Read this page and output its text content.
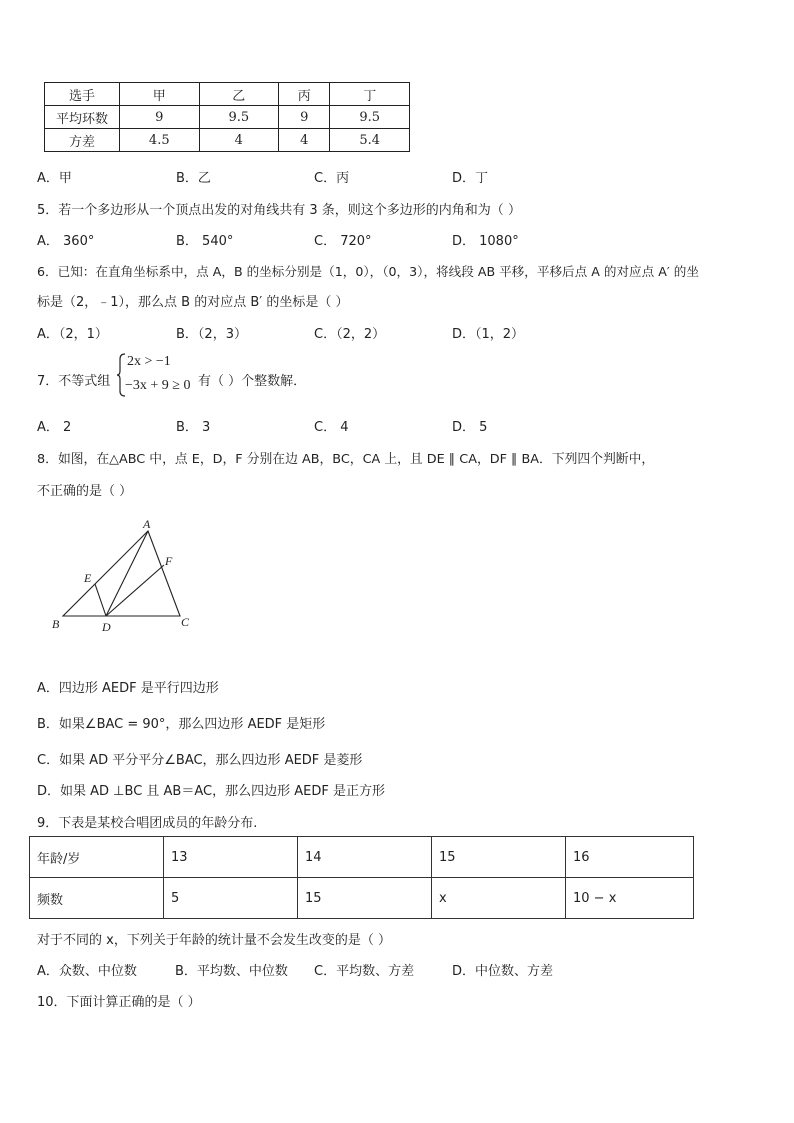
选手	甲	乙	丙	丁
平均环数	9	9.5	9	9.5
方差	4.5	4	4	5.4
A．甲	B．乙	C．丙	D．丁
5．若一个多边形从一个顶点出发的对角线共有 3 条，则这个多边形的内角和为（ ）
A． 360°	B． 540°	C． 720°	D． 1080°
6．已知：在直角坐标系中，点 A，B 的坐标分别是（1，0），（0，3），将线段 AB 平移，平移后点 A 的对应点 A′ 的坐
标是（2，﹣1），那么点 B 的对应点 B′ 的坐标是（ ）
A．（2，1）	B．（2，3）	C．（2，2）	D．（1，2）
7．不等式组
2x > −1
−3x + 9 ≥ 0 有（ ）个整数解．
A． 2	B． 3	C． 4	D． 5
8．如图，在△ABC 中，点 E，D，F 分别在边 AB，BC，CA 上，且 DE ∥ CA，DF ∥ BA．下列四个判断中，
不正确的是（ ）
A
E
F
B	D	C
A．四边形 AEDF 是平行四边形
B．如果∠BAC = 90°，那么四边形 AEDF 是矩形
C．如果 AD 平分平分∠BAC，那么四边形 AEDF 是菱形
D．如果 AD ⊥BC 且 AB＝AC，那么四边形 AEDF 是正方形
9．下表是某校合唱团成员的年龄分布.
年龄/岁	13	14	15	16
频数	5	15	x	10 − x
对于不同的 x，下列关于年龄的统计量不会发生改变的是（ ）
A．众数、中位数	B．平均数、中位数 C．平均数、方差	D．中位数、方差
10．下面计算正确的是（ ）
